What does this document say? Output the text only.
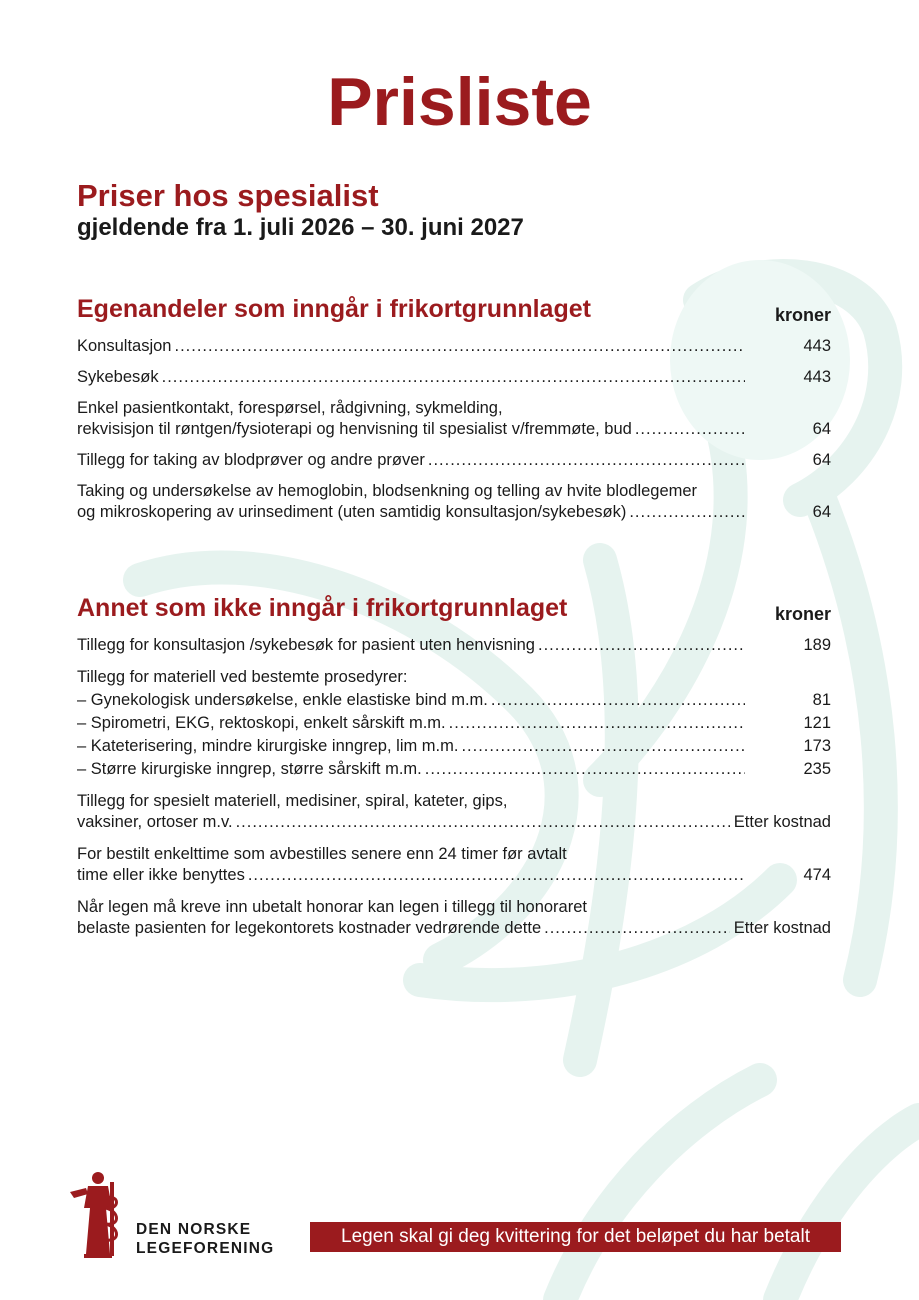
Prisliste
Priser hos spesialist
gjeldende fra 1. juli 2026 – 30. juni 2027
Egenandeler som inngår i frikortgrunnlaget	kroner
Konsultasjon .....	443
Sykebesøk .....	443
Enkel pasientkontakt, forespørsel, rådgivning, sykmelding,
rekvisisjon til røntgen/fysioterapi og henvisning til spesialist v/fremmøte, bud .....	64
Tillegg for taking av blodprøver og andre prøver .....	64
Taking og undersøkelse av hemoglobin, blodsenkning og telling av hvite blodlegemer
og mikroskopering av urinsediment (uten samtidig konsultasjon/sykebesøk) .....	64
Annet som ikke inngår i frikortgrunnlaget	kroner
Tillegg for konsultasjon /sykebesøk for pasient uten henvisning .....	189
Tillegg for materiell ved bestemte prosedyrer:
– Gynekologisk undersøkelse, enkle elastiske bind m.m. .....	81
– Spirometri, EKG, rektoskopi, enkelt sårskift m.m. .....	121
– Kateterisering, mindre kirurgiske inngrep, lim m.m. .....	173
– Større kirurgiske inngrep, større sårskift m.m. .....	235
Tillegg for spesielt materiell, medisiner, spiral, kateter, gips,
vaksiner, ortoser m.v. .....	Etter kostnad
For bestilt enkelttime som avbestilles senere enn 24 timer før avtalt
time eller ikke benyttes .....	474
Når legen må kreve inn ubetalt honorar kan legen i tillegg til honoraret
belaste pasienten for legekontorets kostnader vedrørende dette .....	Etter kostnad
DEN NORSKE
LEGEFORENING
Legen skal gi deg kvittering for det beløpet du har betalt
